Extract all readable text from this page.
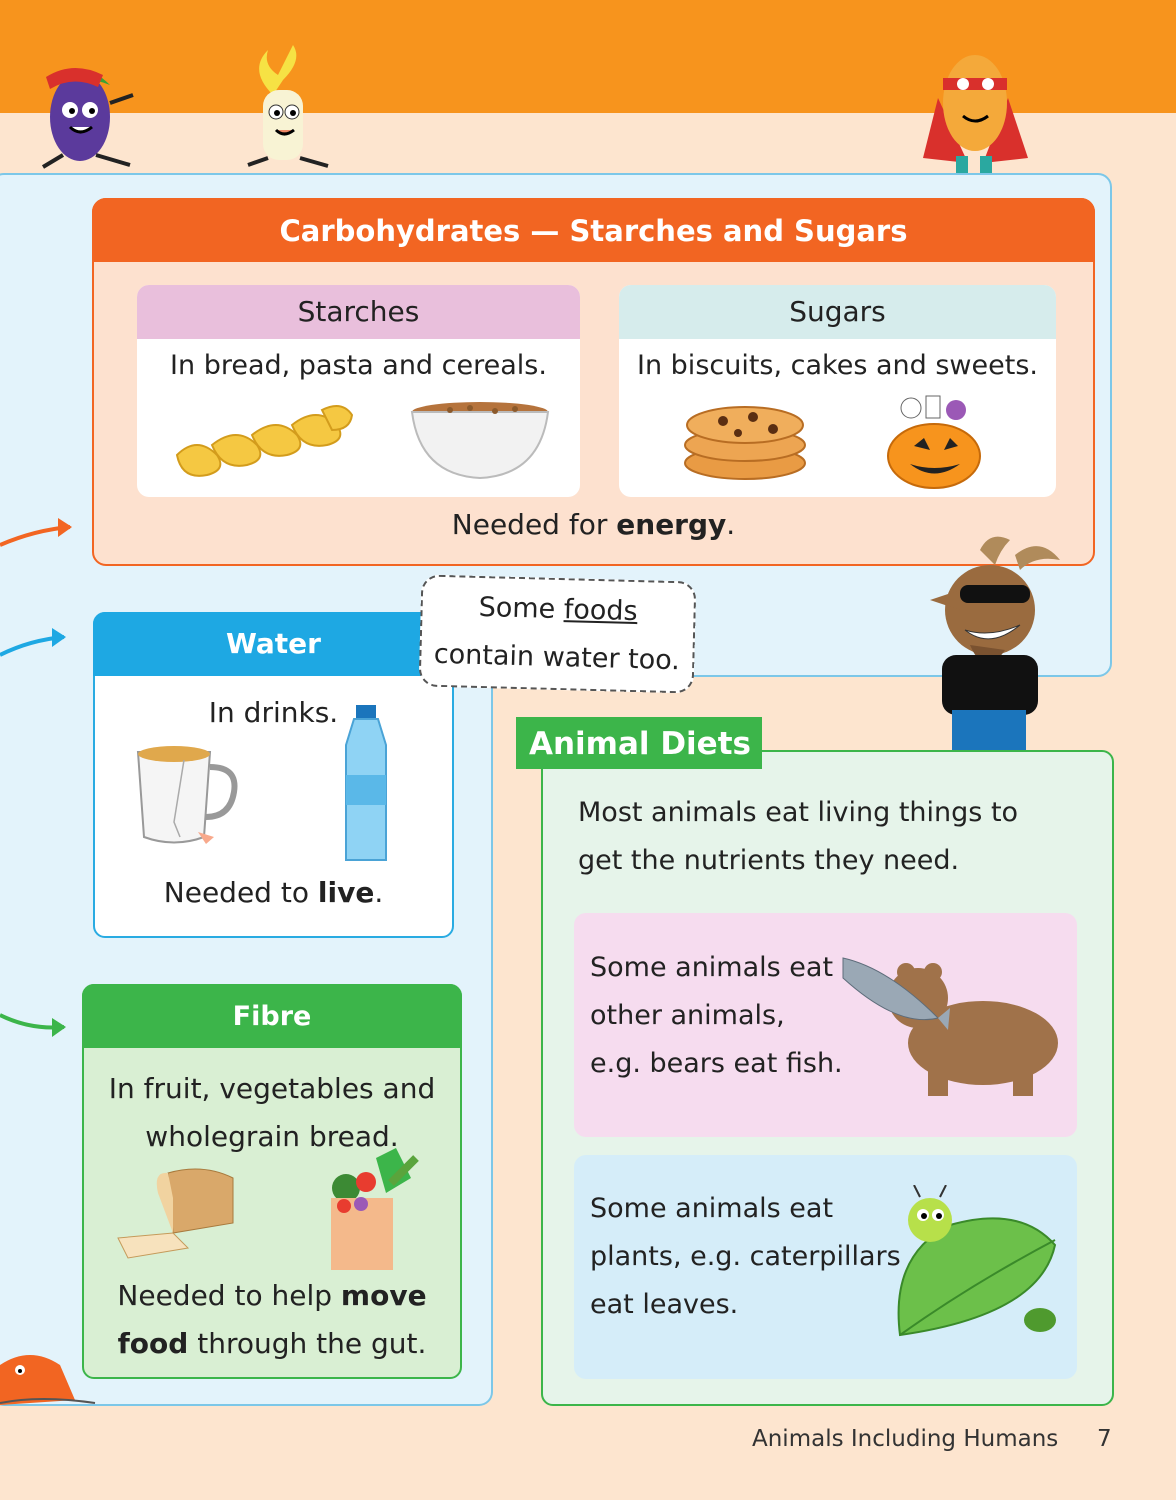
Carbohydrates — Starches and Sugars
Starches
In bread, pasta and cereals.
Sugars
In biscuits, cakes and sweets.
Needed for energy.
Water
In drinks.
Needed to live.
Some foods
contain water too.
Fibre
In fruit, vegetables and
wholegrain bread.
Needed to help move
food through the gut.
Animal Diets
Most animals eat living things to
get the nutrients they need.
Some animals eat
other animals,
e.g. bears eat fish.
Some animals eat
plants, e.g. caterpillars
eat leaves.
Animals Including Humans 7
